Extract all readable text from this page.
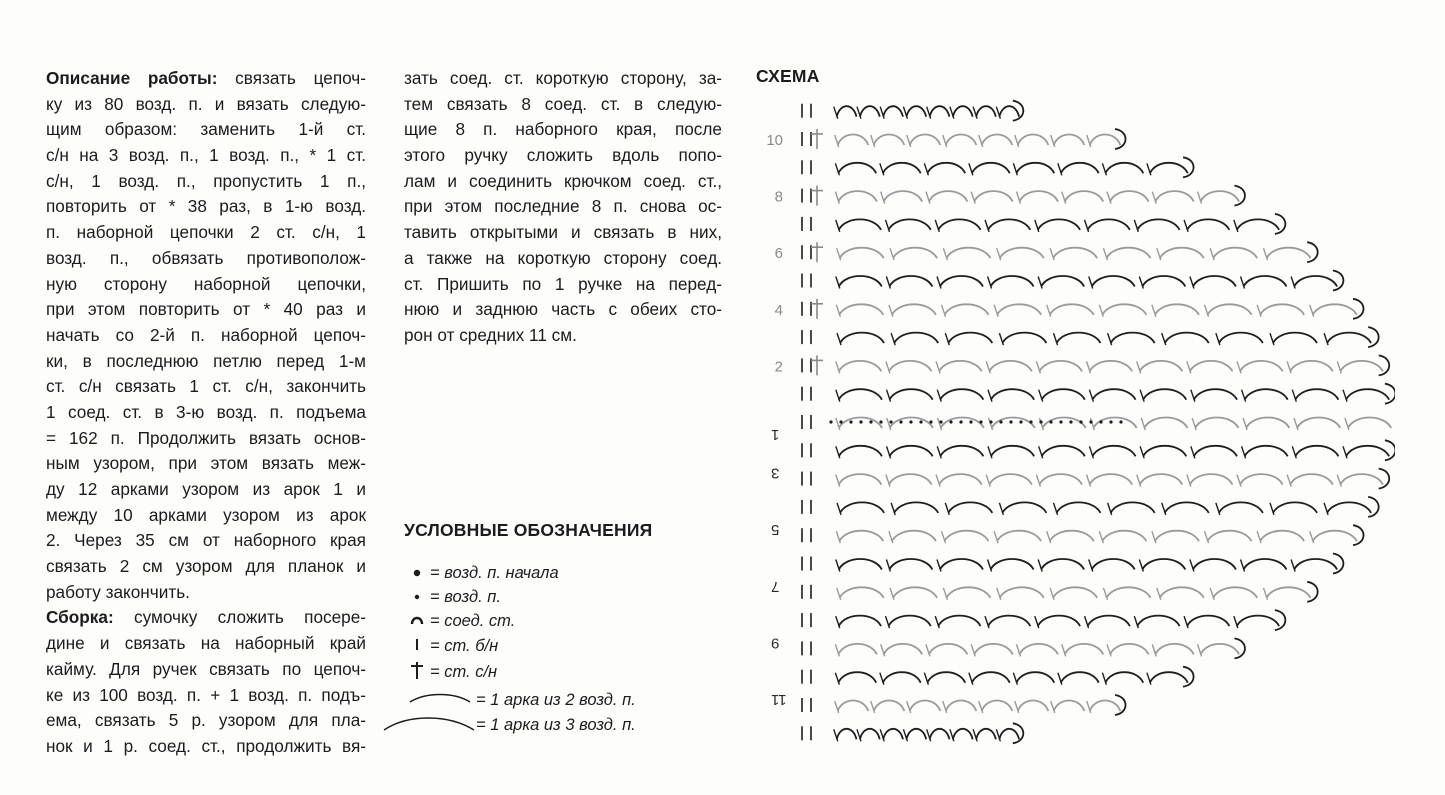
Описание работы: связать цепоч-
ку из 80 возд. п. и вязать следую-
щим образом: заменить 1-й ст.
с/н на 3 возд. п., 1 возд. п., * 1 ст.
с/н, 1 возд. п., пропустить 1 п.,
повторить от * 38 раз, в 1-ю возд.
п. наборной цепочки 2 ст. с/н, 1
возд. п., обвязать противополож-
ную сторону наборной цепочки,
при этом повторить от * 40 раз и
начать со 2-й п. наборной цепоч-
ки, в последнюю петлю перед 1-м
ст. с/н связать 1 ст. с/н, закончить
1 соед. ст. в 3-ю возд. п. подъема
= 162 п. Продолжить вязать основ-
ным узором, при этом вязать меж-
ду 12 арками узором из арок 1 и
между 10 арками узором из арок
2. Через 35 см от наборного края
связать 2 см узором для планок и
работу закончить.
Сборка: сумочку сложить посере-
дине и связать на наборный край
кайму. Для ручек связать по цепоч-
ке из 100 возд. п. + 1 возд. п. подъ-
ема, связать 5 р. узором для пла-
нок и 1 р. соед. ст., продолжить вя-
зать соед. ст. короткую сторону, за-
тем связать 8 соед. ст. в следую-
щие 8 п. наборного края, после
этого ручку сложить вдоль попо-
лам и соединить крючком соед. ст.,
при этом последние 8 п. снова ос-
тавить открытыми и связать в них,
а также на короткую сторону соед.
ст. Пришить по 1 ручке на перед-
нюю и заднюю часть с обеих сто-
рон от средних 11 см.
УСЛОВНЫЕ ОБОЗНАЧЕНИЯ
= возд. п. начала
= возд. п.
= соед. ст.
= ст. б/н
= ст. с/н
= 1 арка из 2 возд. п.
= 1 арка из 3 возд. п.
СХЕМА
10
8
6
4
2
1
3
5
7
9
11
